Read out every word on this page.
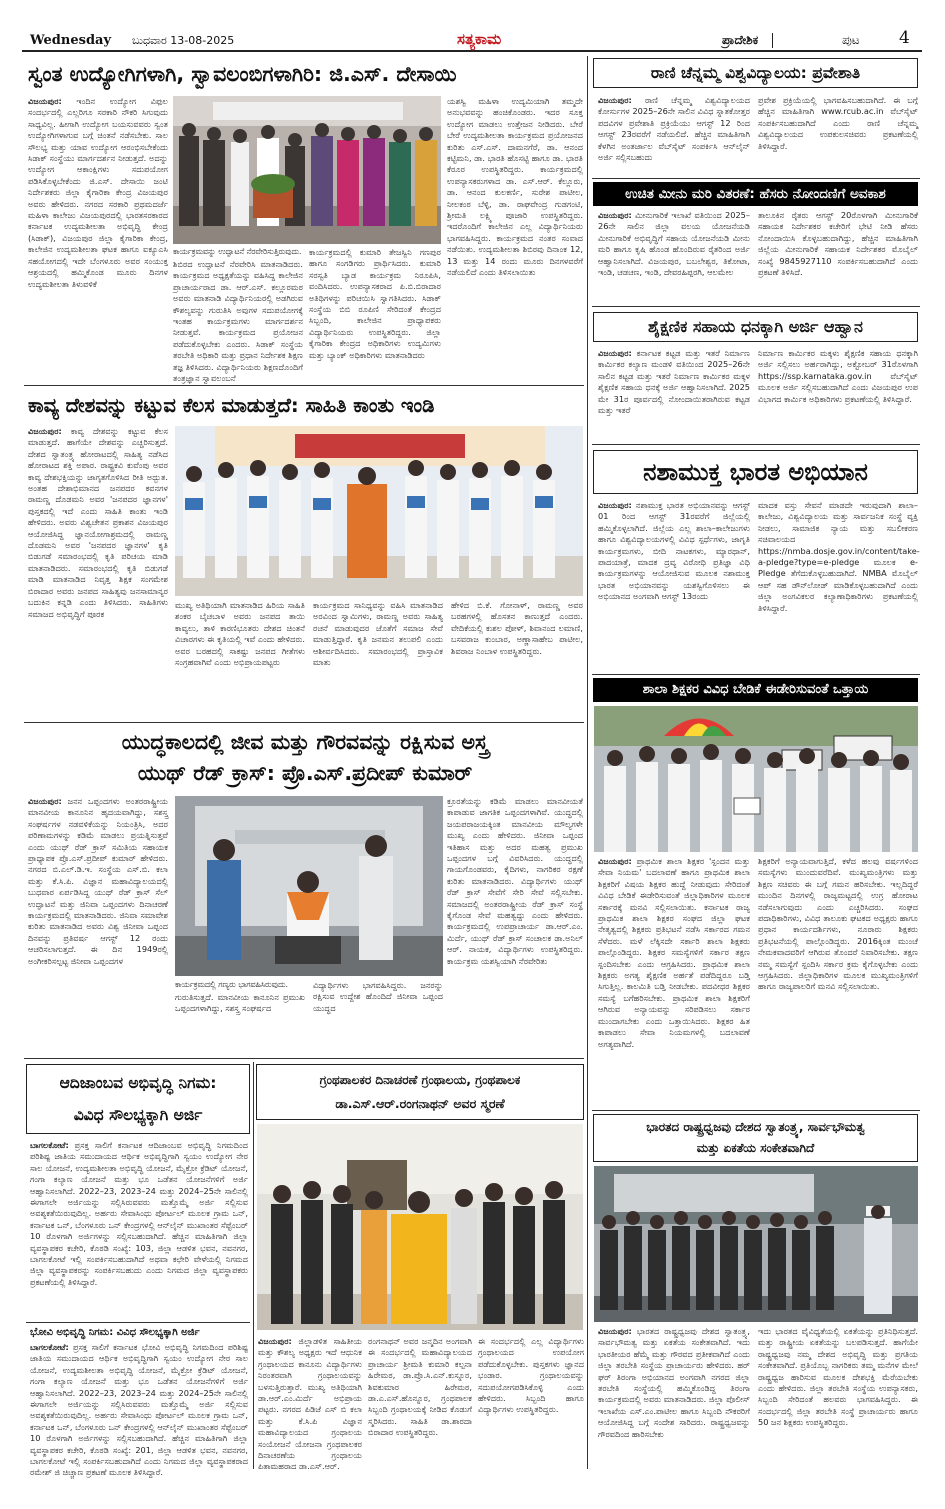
Wednesday ಬುಧವಾರ 13-08-2025	ಸತ್ಯಕಾಮ	ಪ್ರಾದೇಶಿಕ	ಪುಟ 4
ಸ್ವಂತ ಉದ್ಯೋಗಿಗಳಾಗಿ, ಸ್ವಾವಲಂಬಿಗಳಾಗಿರಿ: ಜಿ.ಎಸ್. ದೇಸಾಯಿ
ವಿಜಯಪುರ: ಇಂದಿನ ಉದ್ಯೋಗ ವಿಫುಲ ಸಂದರ್ಭದಲ್ಲಿ ಎಲ್ಲರಿಗೂ ಸರಕಾರಿ ನೌಕರಿ ಸಿಗುವುದು ಸಾಧ್ಯವಿಲ್ಲ. ಹೀಗಾಗಿ ಉದ್ಯೋಗ ಬಯಸುವವರು ಸ್ವಂತ ಉದ್ಯೋಗಿಗಳಾಗುವ ಬಗ್ಗೆ ಚಿಂತನೆ ನಡೆಸಬೇಕು. ಸಾಲ ಸೌಲಭ್ಯ ಮತ್ತು ಯಾವ ಉದ್ಯೋಗ ಆರಂಭಿಸಬೇಕೆಂದು ಸಿಡಾಕ್ ಸಂಸ್ಥೆಯು ಮಾರ್ಗದರ್ಶನ ನೀಡುತ್ತದೆ. ಅದನ್ನು ಉದ್ಯೋಗ ಆಕಾಂಕ್ಷಿಗಳು ಸದುಪಯೋಗ ಪಡಿಸಿಕೊಳ್ಳಬೇಕೆಂದು ಜಿ.ಎಸ್. ದೇಸಾಯಿ ಜಂಟಿ ನಿರ್ದೇಶಕರು ಜಿಲ್ಲಾ ಕೈಗಾರಿಕಾ ಕೇಂದ್ರ ವಿಜಯಪುರ ಅವರು ಹೇಳಿದರು. ನಗರದ ಸರಕಾರಿ ಪ್ರಥಮದರ್ಜೆ ಮಹಿಳಾ ಕಾಲೇಜು ವಿಜಯಪುರದಲ್ಲಿ ಭಾರತಸರಕಾರದ ಕರ್ನಾಟಕ ಉದ್ಯಮಶೀಲತಾ ಅಭಿವೃದ್ಧಿ ಕೇಂದ್ರ (ಸಿಡಾಕ್), ವಿಜಯಪುರ ಜಿಲ್ಲಾ ಕೈಗಾರಿಕಾ ಕೇಂದ್ರ, ಕಾಲೇಜಿನ ಉದ್ಯಮಶೀಲತಾ ಘಟಕ ಹಾಗೂ ಐಕ್ಯೂಎಸಿ ಸಹಯೋಗದಲ್ಲಿ ಇದೇ ಬೆಂಗಳೂರು ಅವರ ಸಂಯುಕ್ತ ಆಶ್ರಯದಲ್ಲಿ ಹಮ್ಮಿಕೊಂಡ ಮೂರು ದಿನಗಳ ಉದ್ಯಮಶೀಲತಾ ತಿಳುವಳಿಕೆ
ಕಾರ್ಯಕ್ರಮವನ್ನು ಉದ್ಘಾಟನೆ ನೆರವೇರಿಸುತ್ತಿರುವುದು.
ಶಿಬಿರದ ಉದ್ಘಾಟನೆ ನೆರವೇರಿಸಿ ಮಾತನಾಡಿದರು. ಕಾರ್ಯಕ್ರಮದ ಅಧ್ಯಕ್ಷತೆಯನ್ನು ವಹಿಸಿದ್ದ ಕಾಲೇಜಿನ ಪ್ರಾಚಾರ್ಯರಾದ ಡಾ. ಆರ್.ಎಸ್. ಕಲ್ಲೂರಮಠ ಅವರು ಮಾತನಾಡಿ ವಿದ್ಯಾರ್ಥಿನಿಯರಲ್ಲಿ ಅಡಗಿರುವ ಕೌಶಲ್ಯವನ್ನು ಗುರುತಿಸಿ ಅವುಗಳ ಸದುಪಯೋಗಕ್ಕೆ ಇಂತಹ ಕಾರ್ಯಕ್ರಮಗಳು ಮಾರ್ಗದರ್ಶನ ನೀಡುತ್ತವೆ. ಕಾರ್ಯಕ್ರಮದ ಪ್ರಯೋಜನ ಪಡೆದುಕೊಳ್ಳಬೇಕು ಎಂದರು. ಸಿಡಾಕ್ ಸಂಸ್ಥೆಯ ತರಬೇತಿ ಅಧಿಕಾರಿ ಮತ್ತು ಪ್ರಧಾನ ನಿರ್ದೇಶಕ ಶಿಕ್ಷಣ ತಜ್ಞ ತಿಳಿಸಿದರು. ವಿದ್ಯಾರ್ಥಿನಿಯರು ಶಿಕ್ಷಣದೊಂದಿಗೆ ತಂತ್ರಜ್ಞಾನ ಸ್ವಾವಲಂಬನೆ
ಕಾರ್ಯಕ್ರಮದಲ್ಲಿ ಕುಮಾರಿ ತೇಜಸ್ವಿನಿ ಗಣಪುರ ಹಾಗೂ ಸಂಗಡಿಗರು ಪ್ರಾರ್ಥಿಸಿದರು. ಕುಮಾರಿ ಸರಸ್ವತಿ ಬ್ಯಾಡ ಕಾರ್ಯಕ್ರಮ ನಿರೂಪಿಸಿ, ವಂದಿಸಿದರು. ಉಪನ್ಯಾಸಕರಾದ ಪಿ.ಬಿ.ಬಿರಾದಾರ ಅತಿಥಿಗಳನ್ನು ಪರಿಚಯಿಸಿ ಸ್ವಾಗತಿಸಿದರು. ಸಿಡಾಕ್ ಸಂಸ್ಥೆಯ ಬಿಬಿ ರೂಪಿಣಿ ಸೇರಿದಂತೆ ಕೇಂದ್ರದ ಸಿಬ್ಬಂದಿ, ಕಾಲೇಜಿನ ಪ್ರಾಧ್ಯಾಪಕರು ವಿದ್ಯಾರ್ಥಿನಿಯರು ಉಪಸ್ಥಿತರಿದ್ದರು. ಜಿಲ್ಲಾ ಕೈಗಾರಿಕಾ ಕೇಂದ್ರದ ಅಧಿಕಾರಿಗಳು ಉದ್ಯಮಿಗಳು ಮತ್ತು ಬ್ಯಾಂಕ್ ಅಧಿಕಾರಿಗಳು ಮಾತನಾಡಿದರು
ಯಶಸ್ವಿ ಮಹಿಳಾ ಉದ್ಯಮಿಯಾಗಿ ತಮ್ಮದೇ ಅನುಭವವನ್ನು ಹಂಚಿಕೊಂಡರು. ಇದರ ಸೂಕ್ತ ಉದ್ಯೋಗ ಮಾಡಲು ಉತ್ತೇಜನ ನೀಡಿದರು. ಬೇರೆ ಬೇರೆ ಉದ್ಯಮಶೀಲತಾ ಕಾರ್ಯಕ್ರಮದ ಪ್ರಯೋಜನದ ಕುರಿತು ಎಸ್.ಎಸ್. ದಾಮನಗೆರೆ, ಡಾ. ಆನಂದ ಕಟ್ಟಿಮನಿ, ಡಾ. ಭಾರತಿ ಹೊಸಟ್ಟಿ ಹಾಗೂ ಡಾ. ಭಾರತಿ ಕೆರೂರ ಉಪಸ್ಥಿತರಿದ್ದರು. ಕಾರ್ಯಕ್ರಮದಲ್ಲಿ ಉಪನ್ಯಾಸಕರುಗಳಾದ ಡಾ. ಎಸ್.ಆರ್. ಕೆಲ್ಲೂರು, ಡಾ. ಆನಂದ ಕುಲಕರ್ಣಿ, ಸುರೇಶ ಪಾಟೀಲ, ನೀಲಕಂಠ ಬೆಳ್ಳಿ, ಡಾ. ರಾಘವೇಂದ್ರ ಗುಡಗಂಟಿ, ಶ್ರೀಮತಿ ಲಕ್ಷ್ಮಿ ಪೂಜಾರಿ ಉಪಸ್ಥಿತರಿದ್ದರು. ಇದರೊಂದಿಗೆ ಕಾಲೇಜಿನ ಎಲ್ಲ ವಿದ್ಯಾರ್ಥಿನಿಯರು ಭಾಗವಹಿಸಿದ್ದರು. ಕಾರ್ಯಕ್ರಮದ ನಂತರ ಸಂವಾದ ನಡೆಯಿತು. ಉದ್ಯಮಶೀಲತಾ ಶಿಬಿರವು ದಿನಾಂಕ 12, 13 ಮತ್ತು 14 ರಂದು ಮೂರು ದಿನಗಳವರೆಗೆ ನಡೆಯಲಿದೆ ಎಂದು ತಿಳಿಸಲಾಯಿತು
ರಾಣಿ ಚೆನ್ನಮ್ಮ ವಿಶ್ವವಿದ್ಯಾಲಯ: ಪ್ರವೇಶಾತಿ
ವಿಜಯಪುರ: ರಾಣಿ ಚೆನ್ನಮ್ಮ ವಿಶ್ವವಿದ್ಯಾಲಯದ ಕೋರ್ಸುಗಳ 2025–26ನೇ ಸಾಲಿನ ವಿವಿಧ ಸ್ನಾತಕೋತ್ತರ ಪದವಿಗಳ ಪ್ರವೇಶಾತಿ ಪ್ರಕ್ರಿಯೆಯು ಆಗಸ್ಟ್ 12 ರಿಂದ ಆಗಸ್ಟ್ 23ರವರೆಗೆ ನಡೆಯಲಿದೆ. ಹೆಚ್ಚಿನ ಮಾಹಿತಿಗಾಗಿ ಕೆಳಗಿನ ಅಂತರ್ಜಾಲ ವೆಬ್‍ಸೈಟ್ ಸಂಪರ್ಕಿಸಿ ಆನ್‍ಲೈನ್ ಅರ್ಜಿ ಸಲ್ಲಿಸಬಹುದು
ಪ್ರವೇಶ ಪ್ರಕ್ರಿಯೆಯಲ್ಲಿ ಭಾಗವಹಿಸಬಹುದಾಗಿದೆ. ಈ ಬಗ್ಗೆ ಹೆಚ್ಚಿನ ಮಾಹಿತಿಗಾಗಿ www.rcub.ac.in ವೆಬ್‍ಸೈಟ್ ಸಂಪರ್ಕಿಸಬಹುದಾಗಿದೆ ಎಂದು ರಾಣಿ ಚೆನ್ನಮ್ಮ ವಿಶ್ವವಿದ್ಯಾಲಯದ ಉಪಕುಲಸಚಿವರು ಪ್ರಕಟಣೆಯಲ್ಲಿ ತಿಳಿಸಿದ್ದಾರೆ.
ಉಚಿತ ಮೀನು ಮರಿ ವಿತರಣೆ: ಹೆಸರು ನೋಂದಣಿಗೆ ಅವಕಾಶ
ವಿಜಯಪುರ: ಮೀನುಗಾರಿಕೆ ಇಲಾಖೆ ವತಿಯಿಂದ 2025–26ನೇ ಸಾಲಿನ ಜಿಲ್ಲಾ ವಲಯ ಯೋಜನೆಯಡಿ ಮೀನುಗಾರಿಕೆ ಅಭಿವೃದ್ಧಿಗೆ ಸಹಾಯ ಯೋಜನೆಯಡಿ ಮೀನು ಮರಿ ಹಾಗೂ ಕೃಷಿ ಹೊಂಡ ಹೊಂದಿರುವ ರೈತರಿಂದ ಅರ್ಜಿ ಆಹ್ವಾನಿಸಲಾಗಿದೆ. ವಿಜಯಪುರ, ಬಬಲೇಶ್ವರ, ತಿಕೋಟಾ, ಇಂಡಿ, ಚಡಚಣ, ಇಂಡಿ, ದೇವರಹಿಪ್ಪರಗಿ, ಆಲಮೇಲ
ತಾಲೂಕಿನ ರೈತರು ಆಗಸ್ಟ್ 20ರೊಳಗಾಗಿ ಮೀನುಗಾರಿಕೆ ಸಹಾಯಕ ನಿರ್ದೇಶಕರ ಕಚೇರಿಗೆ ಭೇಟಿ ನೀಡಿ ಹೆಸರು ನೋಂದಾಯಿಸಿ ಕೊಳ್ಳಬಹುದಾಗಿದ್ದು, ಹೆಚ್ಚಿನ ಮಾಹಿತಿಗಾಗಿ ಜಿಲ್ಲೆಯ ಮೀನುಗಾರಿಕೆ ಸಹಾಯಕ ನಿರ್ದೇಶಕರ ಮೊಬೈಲ್ ಸಂಖ್ಯೆ 9845927110 ಸಂಪರ್ಕಿಸಬಹುದಾಗಿದೆ ಎಂದು ಪ್ರಕಟಣೆ ತಿಳಿಸಿದೆ.
ಶೈಕ್ಷಣಿಕ ಸಹಾಯ ಧನಕ್ಕಾಗಿ ಅರ್ಜಿ ಆಹ್ವಾನ
ವಿಜಯಪುರ: ಕರ್ನಾಟಕ ಕಟ್ಟಡ ಮತ್ತು ಇತರೆ ನಿರ್ಮಾಣ ಕಾರ್ಮಿಕರ ಕಲ್ಯಾಣ ಮಂಡಳಿ ವತಿಯಿಂದ 2025–26ನೇ ಸಾಲಿನ ಕಟ್ಟಡ ಮತ್ತು ಇತರೆ ನಿರ್ಮಾಣ ಕಾರ್ಮಿಕರ ಮಕ್ಕಳ ಶೈಕ್ಷಣಿಕ ಸಹಾಯ ಧನಕ್ಕೆ ಅರ್ಜಿ ಆಹ್ವಾನಿಸಲಾಗಿದೆ. 2025 ಮೇ 31ರ ಪೂರ್ವದಲ್ಲಿ ನೋಂದಾಯಿತರಾಗಿರುವ ಕಟ್ಟಡ ಮತ್ತು ಇತರೆ
ನಿರ್ಮಾಣ ಕಾರ್ಮಿಕರ ಮಕ್ಕಳು ಶೈಕ್ಷಣಿಕ ಸಹಾಯ ಧನಕ್ಕಾಗಿ ಅರ್ಜಿ ಸಲ್ಲಿಸಲು ಅರ್ಹರಾಗಿದ್ದು, ಅಕ್ಟೋಬರ್ 31ರೊಳಗಾಗಿ https://ssp.karnataka.gov.in ವೆಬ್‍ಸೈಟ್ ಮೂಲಕ ಅರ್ಜಿ ಸಲ್ಲಿಸಬಹುದಾಗಿದೆ ಎಂದು ವಿಜಯಪುರ ಉಪ ವಿಭಾಗದ ಕಾರ್ಮಿಕ ಅಧಿಕಾರಿಗಳು ಪ್ರಕಟಣೆಯಲ್ಲಿ ತಿಳಿಸಿದ್ದಾರೆ.
ಕಾವ್ಯ ದೇಶವನ್ನು ಕಟ್ಟುವ ಕೆಲಸ ಮಾಡುತ್ತದೆ: ಸಾಹಿತಿ ಕಾಂತು ಇಂಡಿ
ವಿಜಯಪುರ: ಕಾವ್ಯ ದೇಶವನ್ನು ಕಟ್ಟುವ ಕೆಲಸ ಮಾಡುತ್ತದೆ. ಹಾಗೆಯೇ ದೇಶವನ್ನು ಎಚ್ಚರಿಸುತ್ತದೆ. ದೇಶದ ಸ್ವಾತಂತ್ರ್ಯ ಹೋರಾಟದಲ್ಲಿ ಸಾಹಿತ್ಯ ನಡೆಸಿದ ಹೋರಾಟದ ಶಕ್ತಿ ಅಪಾರ. ರಾಷ್ಟ್ರಕವಿ ಕುವೆಂಪು ಅವರ ಕಾವ್ಯ ದೇಶಭಕ್ತಿಯನ್ನು ಜಾಗೃತಗೊಳಿಸಿದ ರೀತಿ ಅದ್ಭುತ. ಅಂತಹ ದೇಶಾಭಿಮಾನದ ಜನಪದರ ಕವನಗಳ ರಾಮಣ್ಣ ದೊಡಮನಿ ಅವರ 'ಜನಪದರ ಜ್ಞಾನಗಳ' ಪುಸ್ತಕದಲ್ಲಿ ಇದೆ ಎಂದು ಸಾಹಿತಿ ಕಾಂತು ಇಂಡಿ ಹೇಳಿದರು. ಅವರು ವಿಶ್ವಚೇತನ ಪ್ರಕಾಶನ ವಿಜಯಪುರ ಆಯೋಜಿಸಿದ್ದ ಜ್ಞಾನಯೋಗಾಶ್ರಮದಲ್ಲಿ ರಾಮಣ್ಣ ದೊಡಮನಿ ಅವರ 'ಜನಪದರ ಜ್ಞಾನಗಳ' ಕೃತಿ ಬಿಡುಗಡೆ ಸಮಾರಂಭದಲ್ಲಿ ಕೃತಿ ಪರಿಚಯ ಮಾಡಿ ಮಾತನಾಡಿದರು. ಸಮಾರಂಭದಲ್ಲಿ ಕೃತಿ ಬಿಡುಗಡೆ ಮಾಡಿ ಮಾತನಾಡಿದ ನಿವೃತ್ತ ಶಿಕ್ಷಕ ಸಂಗಮೇಶ ಬಿರಾದಾರ ಅವರು ಜನಪದ ಸಾಹಿತ್ಯವು ಜನಸಾಮಾನ್ಯರ ಬದುಕಿನ ಕನ್ನಡಿ ಎಂದು ತಿಳಿಸಿದರು. ಸಾಹಿತಿಗಳು ಸಮಾಜದ ಅಭಿವೃದ್ಧಿಗೆ ಪೂರಕ
ಮುಖ್ಯ ಅತಿಥಿಯಾಗಿ ಮಾತನಾಡಿದ ಹಿರಿಯ ಸಾಹಿತಿ ಶಂಕರ ಬೈಚಬಾಳ ಅವರು ಜನಪದ ತಾಯಿ ಕಾವ್ಯಲು, ತಾಳಿ ಕಾರಣಿಭೂತರು ದೇಶದ ಚಿಂತನೆ ವಿಚಾರಗಳು ಈ ಕೃತಿಯಲ್ಲಿ ಇವೆ ಎಂದು ಹೇಳಿದರು. ಅವರ ಬರಹದಲ್ಲಿ ಸಾಕಷ್ಟು ಜನಪದ ಗೀತೆಗಳು ಸಂಗ್ರಹವಾಗಿವೆ ಎಂದು ಅಭಿಪ್ರಾಯಪಟ್ಟರು
ಕಾರ್ಯಕ್ರಮದ ಸಾನಿಧ್ಯವನ್ನು ವಹಿಸಿ ಮಾತನಾಡಿದ ಅರವಿಂದ ಸ್ವಾಮಿಗಳು, ರಾಮಣ್ಣ ಅವರು ಸಾಹಿತ್ಯ ರಚನೆ ಮಾಡುವುದರ ಜೊತೆಗೆ ಸಮಾಜ ಸೇವೆ ಮಾಡುತ್ತಿದ್ದಾರೆ. ಕೃತಿ ಜನಮನ ತಲುಪಲಿ ಎಂದು ಆಶೀರ್ವದಿಸಿದರು. ಸಮಾರಂಭದಲ್ಲಿ ಪ್ರಾಸ್ತಾವಿಕ ಮಾತು
ಹೇಳಿದ ಬಿ.ಕೆ. ಗೋನಾಳ್, ರಾಮಣ್ಣ ಅವರ ಬರಹಗಳಲ್ಲಿ ಹೊಸತನ ಕಾಣುತ್ತದೆ ಎಂದರು. ವೇದಿಕೆಯಲ್ಲಿ ಕುಶಲ ಪೋಳ್, ಶಿವಾನಂದ ಲಮಾಣಿ, ಬಸವರಾಜ ಕುಂಬಾರ, ಅಣ್ಣಾಸಾಹೇಬ ಪಾಟೀಲ, ಶಿವರಾಜ ನಿಂಬಾಳ ಉಪಸ್ಥಿತರಿದ್ದರು.
ನಶಾಮುಕ್ತ ಭಾರತ ಅಭಿಯಾನ
ವಿಜಯಪುರ: ನಶಾಮುಕ್ತ ಭಾರತ ಅಭಿಯಾನವನ್ನು ಆಗಸ್ಟ್ 01 ರಿಂದ ಆಗಸ್ಟ್ 31ರವರೆಗೆ ಜಿಲ್ಲೆಯಲ್ಲಿ ಹಮ್ಮಿಕೊಳ್ಳಲಾಗಿದೆ. ಜಿಲ್ಲೆಯ ಎಲ್ಲ ಶಾಲಾ–ಕಾಲೇಜುಗಳು ಹಾಗೂ ವಿಶ್ವವಿದ್ಯಾಲಯಗಳಲ್ಲಿ ವಿವಿಧ ಸ್ಪರ್ಧೆಗಳು, ಜಾಗೃತಿ ಕಾರ್ಯಕ್ರಮಗಳು, ಬೀದಿ ನಾಟಕಗಳು, ಮ್ಯಾರಥಾನ್, ಪಾದಯಾತ್ರೆ, ಮಾದಕ ದ್ರವ್ಯ ವಿರೋಧಿ ಪ್ರತಿಜ್ಞಾ ವಿಧಿ ಕಾರ್ಯಕ್ರಮಗಳನ್ನು ಆಯೋಜಿಸುವ ಮೂಲಕ ನಶಾಮುಕ್ತ ಭಾರತ ಅಭಿಯಾನವನ್ನು ಯಶಸ್ವಿಗೊಳಿಸಲು ಈ ಅಭಿಯಾನದ ಅಂಗವಾಗಿ ಆಗಸ್ಟ್ 13ರಂದು
ಮಾದಕ ವಸ್ತು ಸೇವನೆ ಮಾಡದೇ ಇರುವುದಾಗಿ ಶಾಲಾ–ಕಾಲೇಜು, ವಿಶ್ವವಿದ್ಯಾಲಯ ಮತ್ತು ಸಾರ್ವಜನಿಕ ಸಂಸ್ಥೆ ವ್ಯಕ್ತಿ ನೀಡಲು, ಸಾಮಾಜಿಕ ನ್ಯಾಯ ಮತ್ತು ಸಬಲೀಕರಣ ಸಚಿವಾಲಯದ https://nmba.dosje.gov.in/content/take-a-pledge?type=e-pledge ಮೂಲಕ e-Pledge ತೆಗೆದುಕೊಳ್ಳಬಹುದಾಗಿದೆ. NMBA ಮೊಬೈಲ್ ಆಪ್ ಸಹ ಡೌನ್‍ಲೋಡ್ ಮಾಡಿಕೊಳ್ಳಬಹುದಾಗಿದೆ ಎಂದು ಜಿಲ್ಲಾ ಅಂಗವಿಕಲರ ಕಲ್ಯಾಣಾಧಿಕಾರಿಗಳು ಪ್ರಕಟಣೆಯಲ್ಲಿ ತಿಳಿಸಿದ್ದಾರೆ.
ಶಾಲಾ ಶಿಕ್ಷಕರ ವಿವಿಧ ಬೇಡಿಕೆ ಈಡೇರಿಸುವಂತೆ ಒತ್ತಾಯ
ವಿಜಯಪುರ: ಪ್ರಾಥಮಿಕ ಶಾಲಾ ಶಿಕ್ಷಕರ 'ಸ್ಪಂದನ ಮತ್ತು ಸೇವಾ ನಿಯಮ' ಬದಲಾವಣೆ ಹಾಗೂ ಪ್ರಾಥಮಿಕ ಶಾಲಾ ಶಿಕ್ಷಕರಿಗೆ ವಿಷಯ ಶಿಕ್ಷಕರ ಹುದ್ದೆ ನೀಡುವುದು ಸೇರಿದಂತೆ ವಿವಿಧ ಬೇಡಿಕೆ ಈಡೇರಿಸುವಂತೆ ಜಿಲ್ಲಾಧಿಕಾರಿಗಳ ಮೂಲಕ ಸರ್ಕಾರಕ್ಕೆ ಮನವಿ ಸಲ್ಲಿಸಲಾಯಿತು. ಕರ್ನಾಟಕ ರಾಜ್ಯ ಪ್ರಾಥಮಿಕ ಶಾಲಾ ಶಿಕ್ಷಕರ ಸಂಘದ ಜಿಲ್ಲಾ ಘಟಕ ನೇತೃತ್ವದಲ್ಲಿ ಶಿಕ್ಷಕರು ಪ್ರತಿಭಟನೆ ನಡೆಸಿ ಸರ್ಕಾರದ ಗಮನ ಸೆಳೆದರು. ಮಳೆ ಲೆಕ್ಕಿಸದೇ ಸರ್ಕಾರಿ ಶಾಲಾ ಶಿಕ್ಷಕರು ಪಾಲ್ಗೊಂಡಿದ್ದರು. ಶಿಕ್ಷಕರ ಸಮಸ್ಯೆಗಳಿಗೆ ಸರ್ಕಾರ ತಕ್ಷಣ ಸ್ಪಂದಿಸಬೇಕು ಎಂದು ಆಗ್ರಹಿಸಿದರು. ಪ್ರಾಥಮಿಕ ಶಾಲಾ ಶಿಕ್ಷಕರು ಅಗತ್ಯ ಶೈಕ್ಷಣಿಕ ಅರ್ಹತೆ ಪಡೆದಿದ್ದರೂ ಬಡ್ತಿ ಸಿಗುತ್ತಿಲ್ಲ. ಕಾಲಮಿತಿ ಬಡ್ತಿ ನೀಡಬೇಕು. ಪದವೀಧರ ಶಿಕ್ಷಕರ ಸಮಸ್ಯೆ ಬಗೆಹರಿಸಬೇಕು. ಪ್ರಾಥಮಿಕ ಶಾಲಾ ಶಿಕ್ಷಕರಿಗೆ ಆಗಿರುವ ಅನ್ಯಾಯವನ್ನು ಸರಿಪಡಿಸಲು ಸರ್ಕಾರ ಮುಂದಾಗಬೇಕು ಎಂದು ಒತ್ತಾಯಿಸಿದರು. ಶಿಕ್ಷಕರ ಹಿತ ಕಾಪಾಡಲು ಸೇವಾ ನಿಯಮಗಳಲ್ಲಿ ಬದಲಾವಣೆ ಅಗತ್ಯವಾಗಿದೆ.
ಶಿಕ್ಷಕರಿಗೆ ಅನ್ಯಾಯವಾಗುತ್ತಿದೆ, ಕಳೆದ ಹಲವು ವರ್ಷಗಳಿಂದ ಸಮಸ್ಯೆಗಳು ಮುಂದುವರೆದಿವೆ. ಮುಖ್ಯಮಂತ್ರಿಗಳು ಮತ್ತು ಶಿಕ್ಷಣ ಸಚಿವರು ಈ ಬಗ್ಗೆ ಗಮನ ಹರಿಸಬೇಕು. ಇಲ್ಲದಿದ್ದರೆ ಮುಂದಿನ ದಿನಗಳಲ್ಲಿ ರಾಜ್ಯಮಟ್ಟದಲ್ಲಿ ಉಗ್ರ ಹೋರಾಟ ನಡೆಸಲಾಗುವುದು ಎಂದು ಎಚ್ಚರಿಸಿದರು. ಸಂಘದ ಪದಾಧಿಕಾರಿಗಳು, ವಿವಿಧ ತಾಲೂಕು ಘಟಕದ ಅಧ್ಯಕ್ಷರು ಹಾಗೂ ಪ್ರಧಾನ ಕಾರ್ಯದರ್ಶಿಗಳು, ನೂರಾರು ಶಿಕ್ಷಕರು ಪ್ರತಿಭಟನೆಯಲ್ಲಿ ಪಾಲ್ಗೊಂಡಿದ್ದರು. 2016ಕ್ಕಿಂತ ಮುಂಚೆ ನೇಮಕವಾದವರಿಗೆ ಆಗಿರುವ ತೊಂದರೆ ನಿವಾರಿಸಬೇಕು. ತಕ್ಷಣ ನಮ್ಮ ಸಮಸ್ಯೆಗೆ ಸ್ಪಂದಿಸಿ ಸರ್ಕಾರ ಕ್ರಮ ಕೈಗೊಳ್ಳಬೇಕು ಎಂದು ಆಗ್ರಹಿಸಿದರು. ಜಿಲ್ಲಾಧಿಕಾರಿಗಳ ಮೂಲಕ ಮುಖ್ಯಮಂತ್ರಿಗಳಿಗೆ ಹಾಗೂ ರಾಜ್ಯಪಾಲರಿಗೆ ಮನವಿ ಸಲ್ಲಿಸಲಾಯಿತು.
ಯುದ್ಧಕಾಲದಲ್ಲಿ ಜೀವ ಮತ್ತು ಗೌರವವನ್ನು ರಕ್ಷಿಸುವ ಅಸ್ತ್ರ
ಯುಥ್ ರೆಡ್ ಕ್ರಾಸ್: ಪ್ರೊ.ಎಸ್.ಪ್ರದೀಪ್ ಕುಮಾರ್
ವಿಜಯಪುರ: ಜನನ ಒಪ್ಪಂದಗಳು ಅಂತರರಾಷ್ಟ್ರೀಯ ಮಾನವೀಯ ಕಾನೂನಿನ ಹೃದಯವಾಗಿದ್ದು, ಸಶಸ್ತ್ರ ಸಂಘರ್ಷಗಳ ನಡವಳಿಕೆಯನ್ನು ನಿಯಂತ್ರಿಸಿ, ಅದರ ಪರಿಣಾಮಗಳನ್ನು ಕಡಿಮೆ ಮಾಡಲು ಪ್ರಯತ್ನಿಸುತ್ತವೆ ಎಂದು ಯುಥ್ ರೆಡ್ ಕ್ರಾಸ್ ಸಮಿತಿಯ ಸಹಾಯಕ ಪ್ರಾಧ್ಯಾಪಕ ಪ್ರೊ.ಎಸ್.ಪ್ರದೀಪ್ ಕುಮಾರ್ ಹೇಳಿದರು. ನಗರದ ಬಿ.ಎಲ್.ಡಿ.ಇ. ಸಂಸ್ಥೆಯ ಎಸ್.ಬಿ. ಕಲಾ ಮತ್ತು ಕೆ.ಸಿ.ಪಿ. ವಿಜ್ಞಾನ ಮಹಾವಿದ್ಯಾಲಯದಲ್ಲಿ ಬುಧವಾರ ಏರ್ಪಡಿಸಿದ್ದ ಯುಥ್ ರೆಡ್ ಕ್ರಾಸ್ ಸೆಲ್ ಉದ್ಘಾಟನೆ ಮತ್ತು ಜಿನಿವಾ ಒಪ್ಪಂದಗಳು ದಿನಾಚರಣೆ ಕಾರ್ಯಕ್ರಮದಲ್ಲಿ ಮಾತನಾಡಿದರು. ಜಿನಿವಾ ಸಮಾವೇಶ ಕುರಿತು ಮಾತನಾಡಿದ ಅವರು ವಿಶ್ವ ಜಿನೀವಾ ಒಪ್ಪಂದ ದಿನವನ್ನು ಪ್ರತಿವರ್ಷ ಆಗಸ್ಟ್ 12 ರಂದು ಆಚರಿಸಲಾಗುತ್ತದೆ. ಈ ದಿನ 1949ರಲ್ಲಿ ಅಂಗೀಕರಿಸಲ್ಪಟ್ಟ ಜಿನೀವಾ ಒಪ್ಪಂದಗಳ
ಕಾರ್ಯಕ್ರಮದಲ್ಲಿ ಗಣ್ಯರು ಭಾಗವಹಿಸಿರುವುದು.
ಗುರುತಿಸುತ್ತದೆ. ಮಾನವೀಯ ಕಾನೂನಿನ ಪ್ರಮುಖ ಒಪ್ಪಂದಗಳಾಗಿದ್ದು, ಸಶಸ್ತ್ರ ಸಂಘರ್ಷದ
ಕ್ರೂರತೆಯನ್ನು ಕಡಿಮೆ ಮಾಡಲು ಮಾನವೀಯತೆ ಕಾಪಾಡುವ ಜಾಗತಿಕ ಒಪ್ಪಂದಗಳಾಗಿವೆ. ಯುದ್ಧದಲ್ಲಿ ಜಯಪರಾಜಯಕ್ಕಿಂತ ಮಾನವೀಯ ಮೌಲ್ಯಗಳೇ ಮುಖ್ಯ ಎಂದು ಹೇಳಿದರು. ಜಿನೀವಾ ಒಪ್ಪಂದ ಇತಿಹಾಸ ಮತ್ತು ಅದರ ಮಹತ್ವ ಪ್ರಮುಖ ಒಪ್ಪಂದಗಳ ಬಗ್ಗೆ ವಿವರಿಸಿದರು. ಯುದ್ಧದಲ್ಲಿ ಗಾಯಗೊಂಡವರು, ಕೈದಿಗಳು, ನಾಗರಿಕರ ರಕ್ಷಣೆ ಕುರಿತು ಮಾತನಾಡಿದರು. ವಿದ್ಯಾರ್ಥಿಗಳು ಯುಥ್ ರೆಡ್ ಕ್ರಾಸ್ ಸೇವೆಗೆ ಸೇರಿ ಸೇವೆ ಸಲ್ಲಿಸಬೇಕು. ಸಮಾಜದಲ್ಲಿ ಅಂತರರಾಷ್ಟ್ರೀಯ ರೆಡ್ ಕ್ರಾಸ್ ಸಂಸ್ಥೆ ಕೈಗೊಂಡ ಸೇವೆ ಮಹತ್ವದ್ದು ಎಂದು ಹೇಳಿದರು. ಕಾರ್ಯಕ್ರಮದಲ್ಲಿ ಉಪಪ್ರಾಚಾರ್ಯ ಡಾ.ಆರ್.ಎಂ. ಮಿರ್ದೆ, ಯುಥ್ ರೆಡ್ ಕ್ರಾಸ್ ಸಂಚಾಲಕ ಡಾ.ಅನಿಲ್ ಆರ್. ನಾಯಕ, ವಿದ್ಯಾರ್ಥಿಗಳು ಉಪಸ್ಥಿತರಿದ್ದರು. ಕಾರ್ಯಕ್ರಮ ಯಶಸ್ವಿಯಾಗಿ ನೆರವೇರಿತು
ವಿದ್ಯಾರ್ಥಿಗಳು ಭಾಗವಹಿಸಿದ್ದರು. ಜನರನ್ನು ರಕ್ಷಿಸುವ ಉದ್ದೇಶ ಹೊಂದಿದೆ ಜಿನೀವಾ ಒಪ್ಪಂದ ಯುದ್ಧದ
ಆದಿಜಾಂಬವ ಅಭಿವೃದ್ಧಿ ನಿಗಮ:
ವಿವಿಧ ಸೌಲಭ್ಯಕ್ಕಾಗಿ ಅರ್ಜಿ
ಬಾಗಲಕೋಟೆ: ಪ್ರಸಕ್ತ ಸಾಲಿಗೆ ಕರ್ನಾಟಕ ಆದಿಜಾಂಬವ ಅಭಿವೃದ್ಧಿ ನಿಗಮದಿಂದ ಪರಿಶಿಷ್ಟ ಜಾತಿಯ ಸಮುದಾಯದ ಆರ್ಥಿಕ ಅಭಿವೃದ್ಧಿಗಾಗಿ ಸ್ವಯಂ ಉದ್ಯೋಗ ನೇರ ಸಾಲ ಯೋಜನೆ, ಉದ್ಯಮಶೀಲತಾ ಅಭಿವೃದ್ಧಿ ಯೋಜನೆ, ಮೈಕ್ರೋ ಕ್ರೆಡಿಟ್ ಯೋಜನೆ, ಗಂಗಾ ಕಲ್ಯಾಣ ಯೋಜನೆ ಮತ್ತು ಭೂ ಒಡೆತನ ಯೋಜನೆಗಳಿಗೆ ಅರ್ಜಿ ಆಹ್ವಾನಿಸಲಾಗಿದೆ. 2022–23, 2023–24 ಮತ್ತು 2024–25ನೇ ಸಾಲಿನಲ್ಲಿ ಈಗಾಗಲೇ ಅರ್ಜಿಯನ್ನು ಸಲ್ಲಿಸಿರುವವರು ಮತ್ತೊಮ್ಮೆ ಅರ್ಜಿ ಸಲ್ಲಿಸುವ ಅವಶ್ಯಕತೆಯಿರುವುದಿಲ್ಲ. ಅರ್ಹರು ಸೇವಾಸಿಂಧು ಪೋರ್ಟಲ್ ಮೂಲಕ ಗ್ರಾಮ ಒನ್, ಕರ್ನಾಟಕ ಒನ್, ಬೆಂಗಳೂರು ಒನ್ ಕೇಂದ್ರಗಳಲ್ಲಿ ಆನ್‍ಲೈನ್ ಮುಖಾಂತರ ಸೆಪ್ಟೆಂಬರ್ 10 ರೊಳಗಾಗಿ ಅರ್ಜಿಗಳನ್ನು ಸಲ್ಲಿಸಬಹುದಾಗಿದೆ. ಹೆಚ್ಚಿನ ಮಾಹಿತಿಗಾಗಿ ಜಿಲ್ಲಾ ವ್ಯವಸ್ಥಾಪಕರ ಕಚೇರಿ, ಕೊಠಡಿ ಸಂಖ್ಯೆ: 103, ಜಿಲ್ಲಾ ಆಡಳಿತ ಭವನ, ನವನಗರ, ಬಾಗಲಕೋಟೆ ಇಲ್ಲಿ ಸಂಪರ್ಕಿಸಬಹುದಾಗಿದೆ ಅಥವಾ ಕಛೇರಿ ವೇಳೆಯಲ್ಲಿ ನಿಗಮದ ಜಿಲ್ಲಾ ವ್ಯವಸ್ಥಾಪಕರನ್ನು ಸಂಪರ್ಕಿಸಬಹುದು ಎಂದು ನಿಗಮದ ಜಿಲ್ಲಾ ವ್ಯವಸ್ಥಾಪಕರು ಪ್ರಕಟಣೆಯಲ್ಲಿ ತಿಳಿಸಿದ್ದಾರೆ.
ಭೋವಿ ಅಭಿವೃದ್ಧಿ ನಿಗಮ: ವಿವಿಧ ಸೌಲಭ್ಯಕ್ಕಾಗಿ ಅರ್ಜಿ
ಬಾಗಲಕೋಟೆ: ಪ್ರಸಕ್ತ ಸಾಲಿಗೆ ಕರ್ನಾಟಕ ಭೋವಿ ಅಭಿವೃದ್ಧಿ ನಿಗಮದಿಂದ ಪರಿಶಿಷ್ಟ ಜಾತಿಯ ಸಮುದಾಯದ ಆರ್ಥಿಕ ಅಭಿವೃದ್ಧಿಗಾಗಿ ಸ್ವಯಂ ಉದ್ಯೋಗ ನೇರ ಸಾಲ ಯೋಜನೆ, ಉದ್ಯಮಶೀಲತಾ ಅಭಿವೃದ್ಧಿ ಯೋಜನೆ, ಮೈಕ್ರೋ ಕ್ರೆಡಿಟ್ ಯೋಜನೆ, ಗಂಗಾ ಕಲ್ಯಾಣ ಯೋಜನೆ ಮತ್ತು ಭೂ ಒಡೆತನ ಯೋಜನೆಗಳಿಗೆ ಅರ್ಜಿ ಆಹ್ವಾನಿಸಲಾಗಿದೆ. 2022–23, 2023–24 ಮತ್ತು 2024–25ನೇ ಸಾಲಿನಲ್ಲಿ ಈಗಾಗಲೇ ಅರ್ಜಿಯನ್ನು ಸಲ್ಲಿಸಿರುವವರು ಮತ್ತೊಮ್ಮೆ ಅರ್ಜಿ ಸಲ್ಲಿಸುವ ಅವಶ್ಯಕತೆಯಿರುವುದಿಲ್ಲ. ಅರ್ಹರು ಸೇವಾಸಿಂಧು ಪೋರ್ಟಲ್ ಮೂಲಕ ಗ್ರಾಮ ಒನ್, ಕರ್ನಾಟಕ ಒನ್, ಬೆಂಗಳೂರು ಒನ್ ಕೇಂದ್ರಗಳಲ್ಲಿ ಆನ್‍ಲೈನ್ ಮುಖಾಂತರ ಸೆಪ್ಟೆಂಬರ್ 10 ರೊಳಗಾಗಿ ಅರ್ಜಿಗಳನ್ನು ಸಲ್ಲಿಸಬಹುದಾಗಿದೆ. ಹೆಚ್ಚಿನ ಮಾಹಿತಿಗಾಗಿ ಜಿಲ್ಲಾ ವ್ಯವಸ್ಥಾಪಕರ ಕಚೇರಿ, ಕೊಠಡಿ ಸಂಖ್ಯೆ: 201, ಜಿಲ್ಲಾ ಆಡಳಿತ ಭವನ, ನವನಗರ, ಬಾಗಲಕೋಟೆ ಇಲ್ಲಿ ಸಂಪರ್ಕಿಸಬಹುದಾಗಿದೆ ಎಂದು ನಿಗಮದ ಜಿಲ್ಲಾ ವ್ಯವಸ್ಥಾಪಕರಾದ ರಮೇಶ್ ಜಿ ಚಿಚ್ಚಾಣ ಪ್ರಕಟಣೆ ಮೂಲಕ ತಿಳಿಸಿದ್ದಾರೆ.
ಗ್ರಂಥಪಾಲಕರ ದಿನಾಚರಣೆ ಗ್ರಂಥಾಲಯ, ಗ್ರಂಥಪಾಲಕ
ಡಾ.ಎಸ್.ಆರ್.ರಂಗನಾಥನ್ ಅವರ ಸ್ಮರಣೆ
ವಿಜಯಪುರ: ಜಿಲ್ಲಾಡಳಿತ ಸಾಹಿತೀಯ ಮತ್ತು ಕೌಶಲ್ಯ ಅಧ್ಯಕ್ಷರು ಇದೆ ಆಧುನಿಕ ಗ್ರಂಥಾಲಯದ ಕಾನೂನು ವಿದ್ಯಾರ್ಥಿಗಳು ನಿರಂತರವಾಗಿ ಗ್ರಂಥಾಲಯವನ್ನು ಬಳಸುತ್ತಿರುತ್ತಾರೆ. ಮುಖ್ಯ ಅತಿಥಿಯಾಗಿ ಡಾ.ಆರ್.ಎಂ.ಮಿರ್ದೆ ಅಭಿಪ್ರಾಯ ಪಟ್ಟರು. ನಗರದ ಪಿಡಿಜೆ ಎಸ್ ಬಿ ಕಲಾ ಮತ್ತು ಕೆ.ಸಿ.ಪಿ ವಿಜ್ಞಾನ ಮಹಾವಿದ್ಯಾಲಯದ ಗ್ರಂಥಾಲಯ ಸಂಯೋಜನೆ ಯೋಜನಾ ಗ್ರಂಥಪಾಲಕರ ದಿನಾಚರಣೆಯ ಗ್ರಂಥಾಲಯ ಪಿತಾಮಹರಾದ ಡಾ.ಎಸ್.ಆರ್.
ರಂಗನಾಥನ್ ಅವರ ಜನ್ಮದಿನ ಅಂಗವಾಗಿ ಈ ಸಂದರ್ಭದಲ್ಲಿ ಮಹಾವಿದ್ಯಾಲಯದ ಪ್ರಾಚಾರ್ಯ ಶ್ರೀಮತಿ ಕುಮಾರಿ ಕಲ್ಪನಾ ಹಿರೇಮಠ, ಡಾ.ಪ್ರೊ.ಸಿ.ಎನ್.ಕುಸ್ನೂರ, ಶಿವಕುಮಾರ ಹಿರೇಮಠ, ಡಾ.ಎ.ಎಸ್.ಹೊನ್ನೂರ, ಗ್ರಂಥಪಾಲಕ ಸಿಬ್ಬಂದಿ ಗ್ರಂಥಾಲಯಕ್ಕೆ ನೀಡಿದ ಕೊಡುಗೆ ಸ್ಮರಿಸಿದರು. ಸಾಹಿತಿ ಡಾ.ಶಾರದಾ ಬಿರಾದಾರ ಉಪಸ್ಥಿತರಿದ್ದರು.
ಈ ಸಂದರ್ಭದಲ್ಲಿ ಎಲ್ಲ ವಿದ್ಯಾರ್ಥಿಗಳು ಗ್ರಂಥಾಲಯದ ಉಪಯೋಗ ಪಡೆದುಕೊಳ್ಳಬೇಕು. ಪುಸ್ತಕಗಳು ಜ್ಞಾನದ ಭಂಡಾರ. ಗ್ರಂಥಾಲಯವನ್ನು ಸದುಪಯೋಗಪಡಿಸಿಕೊಳ್ಳಿ ಎಂದು ಹೇಳಿದರು. ಸಿಬ್ಬಂದಿ ಹಾಗೂ ವಿದ್ಯಾರ್ಥಿಗಳು ಉಪಸ್ಥಿತರಿದ್ದರು.
ಭಾರತದ ರಾಷ್ಟ್ರಧ್ವಜವು ದೇಶದ ಸ್ವಾತಂತ್ರ್ಯ, ಸಾರ್ವಭೌಮತ್ವ
ಮತ್ತು ಏಕತೆಯ ಸಂಕೇತವಾಗಿದೆ
ವಿಜಯಪುರ: ಭಾರತದ ರಾಷ್ಟ್ರಧ್ವಜವು ದೇಶದ ಸ್ವಾತಂತ್ರ್ಯ, ಸಾರ್ವಭೌಮತ್ವ ಮತ್ತು ಏಕತೆಯ ಸಂಕೇತವಾಗಿದೆ. ಇದು ಭಾರತೀಯರ ಹೆಮ್ಮೆ ಮತ್ತು ಗೌರವದ ಪ್ರತೀಕವಾಗಿದೆ ಎಂದು ಜಿಲ್ಲಾ ತರಬೇತಿ ಸಂಸ್ಥೆಯ ಪ್ರಾಚಾರ್ಯರು ಹೇಳಿದರು. ಹರ್ ಘರ್ ತಿರಂಗಾ ಅಭಿಯಾನದ ಅಂಗವಾಗಿ ನಗರದ ಜಿಲ್ಲಾ ತರಬೇತಿ ಸಂಸ್ಥೆಯಲ್ಲಿ ಹಮ್ಮಿಕೊಂಡಿದ್ದ ತಿರಂಗಾ ಕಾರ್ಯಕ್ರಮದಲ್ಲಿ ಅವರು ಮಾತನಾಡಿದರು. ಜಿಲ್ಲಾ ಪೊಲೀಸ್ ಇಲಾಖೆಯ ಎಸ್.ಎಂ.ಪಾಟೀಲ ಹಾಗೂ ಸಿಬ್ಬಂದಿ ನೌಕರರಿಗೆ ಆಯೋಜಿಸಿದ್ದ ಬಗ್ಗೆ ಸಂದೇಶ ಸಾರಿದರು. ರಾಷ್ಟ್ರಧ್ವಜವನ್ನು ಗೌರವದಿಂದ ಹಾರಿಸಬೇಕು
ಇದು ಭಾರತದ ವೈವಿಧ್ಯತೆಯಲ್ಲಿ ಏಕತೆಯನ್ನು ಪ್ರತಿನಿಧಿಸುತ್ತದೆ. ಮತ್ತು ರಾಷ್ಟ್ರೀಯ ಏಕತೆಯನ್ನು ಬಲಪಡಿಸುತ್ತದೆ. ಹಾಗೆಯೇ ರಾಷ್ಟ್ರಧ್ವಜವು ನಮ್ಮ ದೇಶದ ಅಭಿವೃದ್ಧಿ ಮತ್ತು ಪ್ರಗತಿಯ ಸಂಕೇತವಾಗಿದೆ. ಪ್ರತಿಯೊಬ್ಬ ನಾಗರಿಕರು ತಮ್ಮ ಮನೆಗಳ ಮೇಲೆ ರಾಷ್ಟ್ರಧ್ವಜ ಹಾರಿಸುವ ಮೂಲಕ ದೇಶಭಕ್ತಿ ಮೆರೆಯಬೇಕು ಎಂದು ಹೇಳಿದರು. ಜಿಲ್ಲಾ ತರಬೇತಿ ಸಂಸ್ಥೆಯ ಉಪನ್ಯಾಸಕರು, ಸಿಬ್ಬಂದಿ ಸೇರಿದಂತೆ ಹಲವರು ಭಾಗವಹಿಸಿದ್ದರು. ಈ ಸಂದರ್ಭದಲ್ಲಿ ಜಿಲ್ಲಾ ತರಬೇತಿ ಸಂಸ್ಥೆ ಪ್ರಾಚಾರ್ಯರು ಹಾಗೂ 50 ಜನ ಶಿಕ್ಷಕರು ಉಪಸ್ಥಿತರಿದ್ದರು.
